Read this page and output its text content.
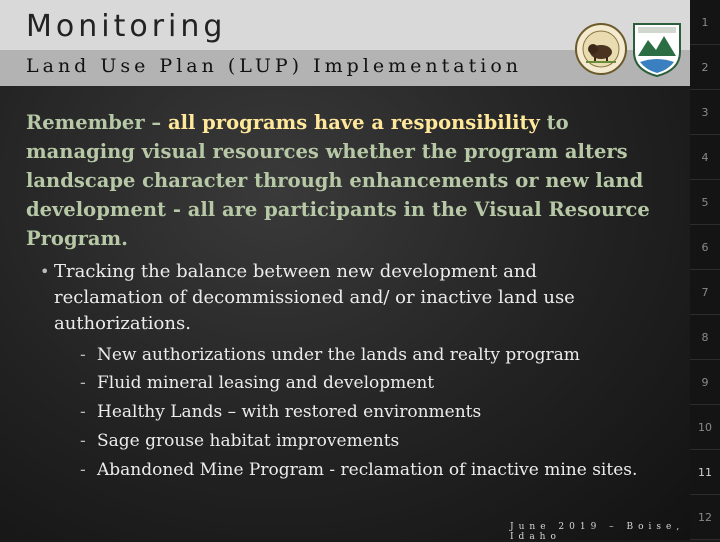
Monitoring
Land Use Plan (LUP) Implementation
Remember – all programs have a responsibility to managing visual resources whether the program alters landscape character through enhancements or new land development - all are participants in the Visual Resource Program.
• Tracking the balance between new development and reclamation of decommissioned and/ or inactive land use authorizations.
- New authorizations under the lands and realty program
- Fluid mineral leasing and development
- Healthy Lands – with restored environments
- Sage grouse habitat improvements
- Abandoned Mine Program - reclamation of inactive mine sites.
June 2019 – Boise, Idaho
1
2
3
4
5
6
7
8
9
10
11
12
